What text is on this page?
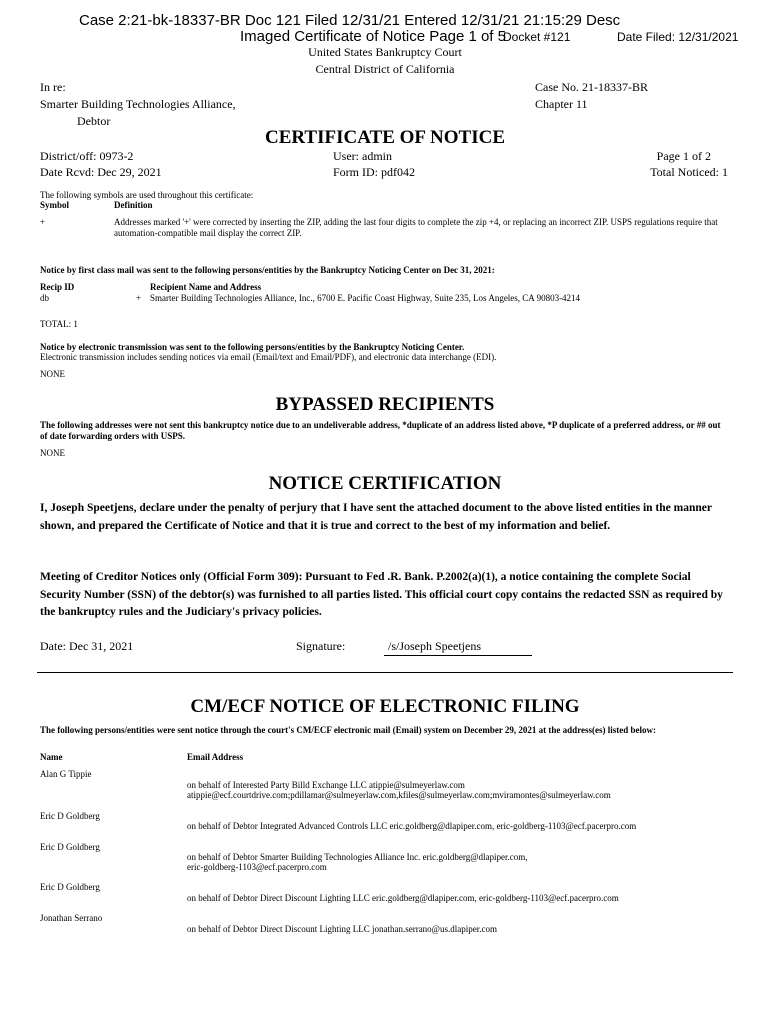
Case 2:21-bk-18337-BR Doc 121 Filed 12/31/21 Entered 12/31/21 21:15:29 Desc
Imaged Certificate of Notice Page 1 of 5
Docket #121	Date Filed: 12/31/2021
United States Bankruptcy Court
Central District of California
In re:
Smarter Building Technologies Alliance,
Debtor
Case No. 21-18337-BR
Chapter 11
CERTIFICATE OF NOTICE
District/off: 0973-2
Date Rcvd: Dec 29, 2021
User: admin
Form ID: pdf042
Page 1 of 2
Total Noticed: 1
The following symbols are used throughout this certificate:
Symbol	Definition
+	Addresses marked '+' were corrected by inserting the ZIP, adding the last four digits to complete the zip +4, or replacing an incorrect ZIP. USPS regulations require that automation-compatible mail display the correct ZIP.
Notice by first class mail was sent to the following persons/entities by the Bankruptcy Noticing Center on Dec 31, 2021:
Recip ID	Recipient Name and Address
db	+ Smarter Building Technologies Alliance, Inc., 6700 E. Pacific Coast Highway, Suite 235, Los Angeles, CA 90803-4214
TOTAL: 1
Notice by electronic transmission was sent to the following persons/entities by the Bankruptcy Noticing Center.
Electronic transmission includes sending notices via email (Email/text and Email/PDF), and electronic data interchange (EDI).
NONE
BYPASSED RECIPIENTS
The following addresses were not sent this bankruptcy notice due to an undeliverable address, *duplicate of an address listed above, *P duplicate of a preferred address, or ## out of date forwarding orders with USPS.
NONE
NOTICE CERTIFICATION
I, Joseph Speetjens, declare under the penalty of perjury that I have sent the attached document to the above listed entities in the manner shown, and prepared the Certificate of Notice and that it is true and correct to the best of my information and belief.
Meeting of Creditor Notices only (Official Form 309): Pursuant to Fed .R. Bank. P.2002(a)(1), a notice containing the complete Social Security Number (SSN) of the debtor(s) was furnished to all parties listed. This official court copy contains the redacted SSN as required by the bankruptcy rules and the Judiciary's privacy policies.
Date: Dec 31, 2021	Signature:	/s/Joseph Speetjens
CM/ECF NOTICE OF ELECTRONIC FILING
The following persons/entities were sent notice through the court's CM/ECF electronic mail (Email) system on December 29, 2021 at the address(es) listed below:
Name	Email Address
Alan G Tippie
on behalf of Interested Party Billd Exchange LLC atippie@sulmeyerlaw.com
atippie@ecf.courtdrive.com;pdillamar@sulmeyerlaw.com,kfiles@sulmeyerlaw.com;mviramontes@sulmeyerlaw.com
Eric D Goldberg
on behalf of Debtor Integrated Advanced Controls LLC eric.goldberg@dlapiper.com, eric-goldberg-1103@ecf.pacerpro.com
Eric D Goldberg
on behalf of Debtor Smarter Building Technologies Alliance Inc. eric.goldberg@dlapiper.com,
eric-goldberg-1103@ecf.pacerpro.com
Eric D Goldberg
on behalf of Debtor Direct Discount Lighting LLC eric.goldberg@dlapiper.com, eric-goldberg-1103@ecf.pacerpro.com
Jonathan Serrano
on behalf of Debtor Direct Discount Lighting LLC jonathan.serrano@us.dlapiper.com
